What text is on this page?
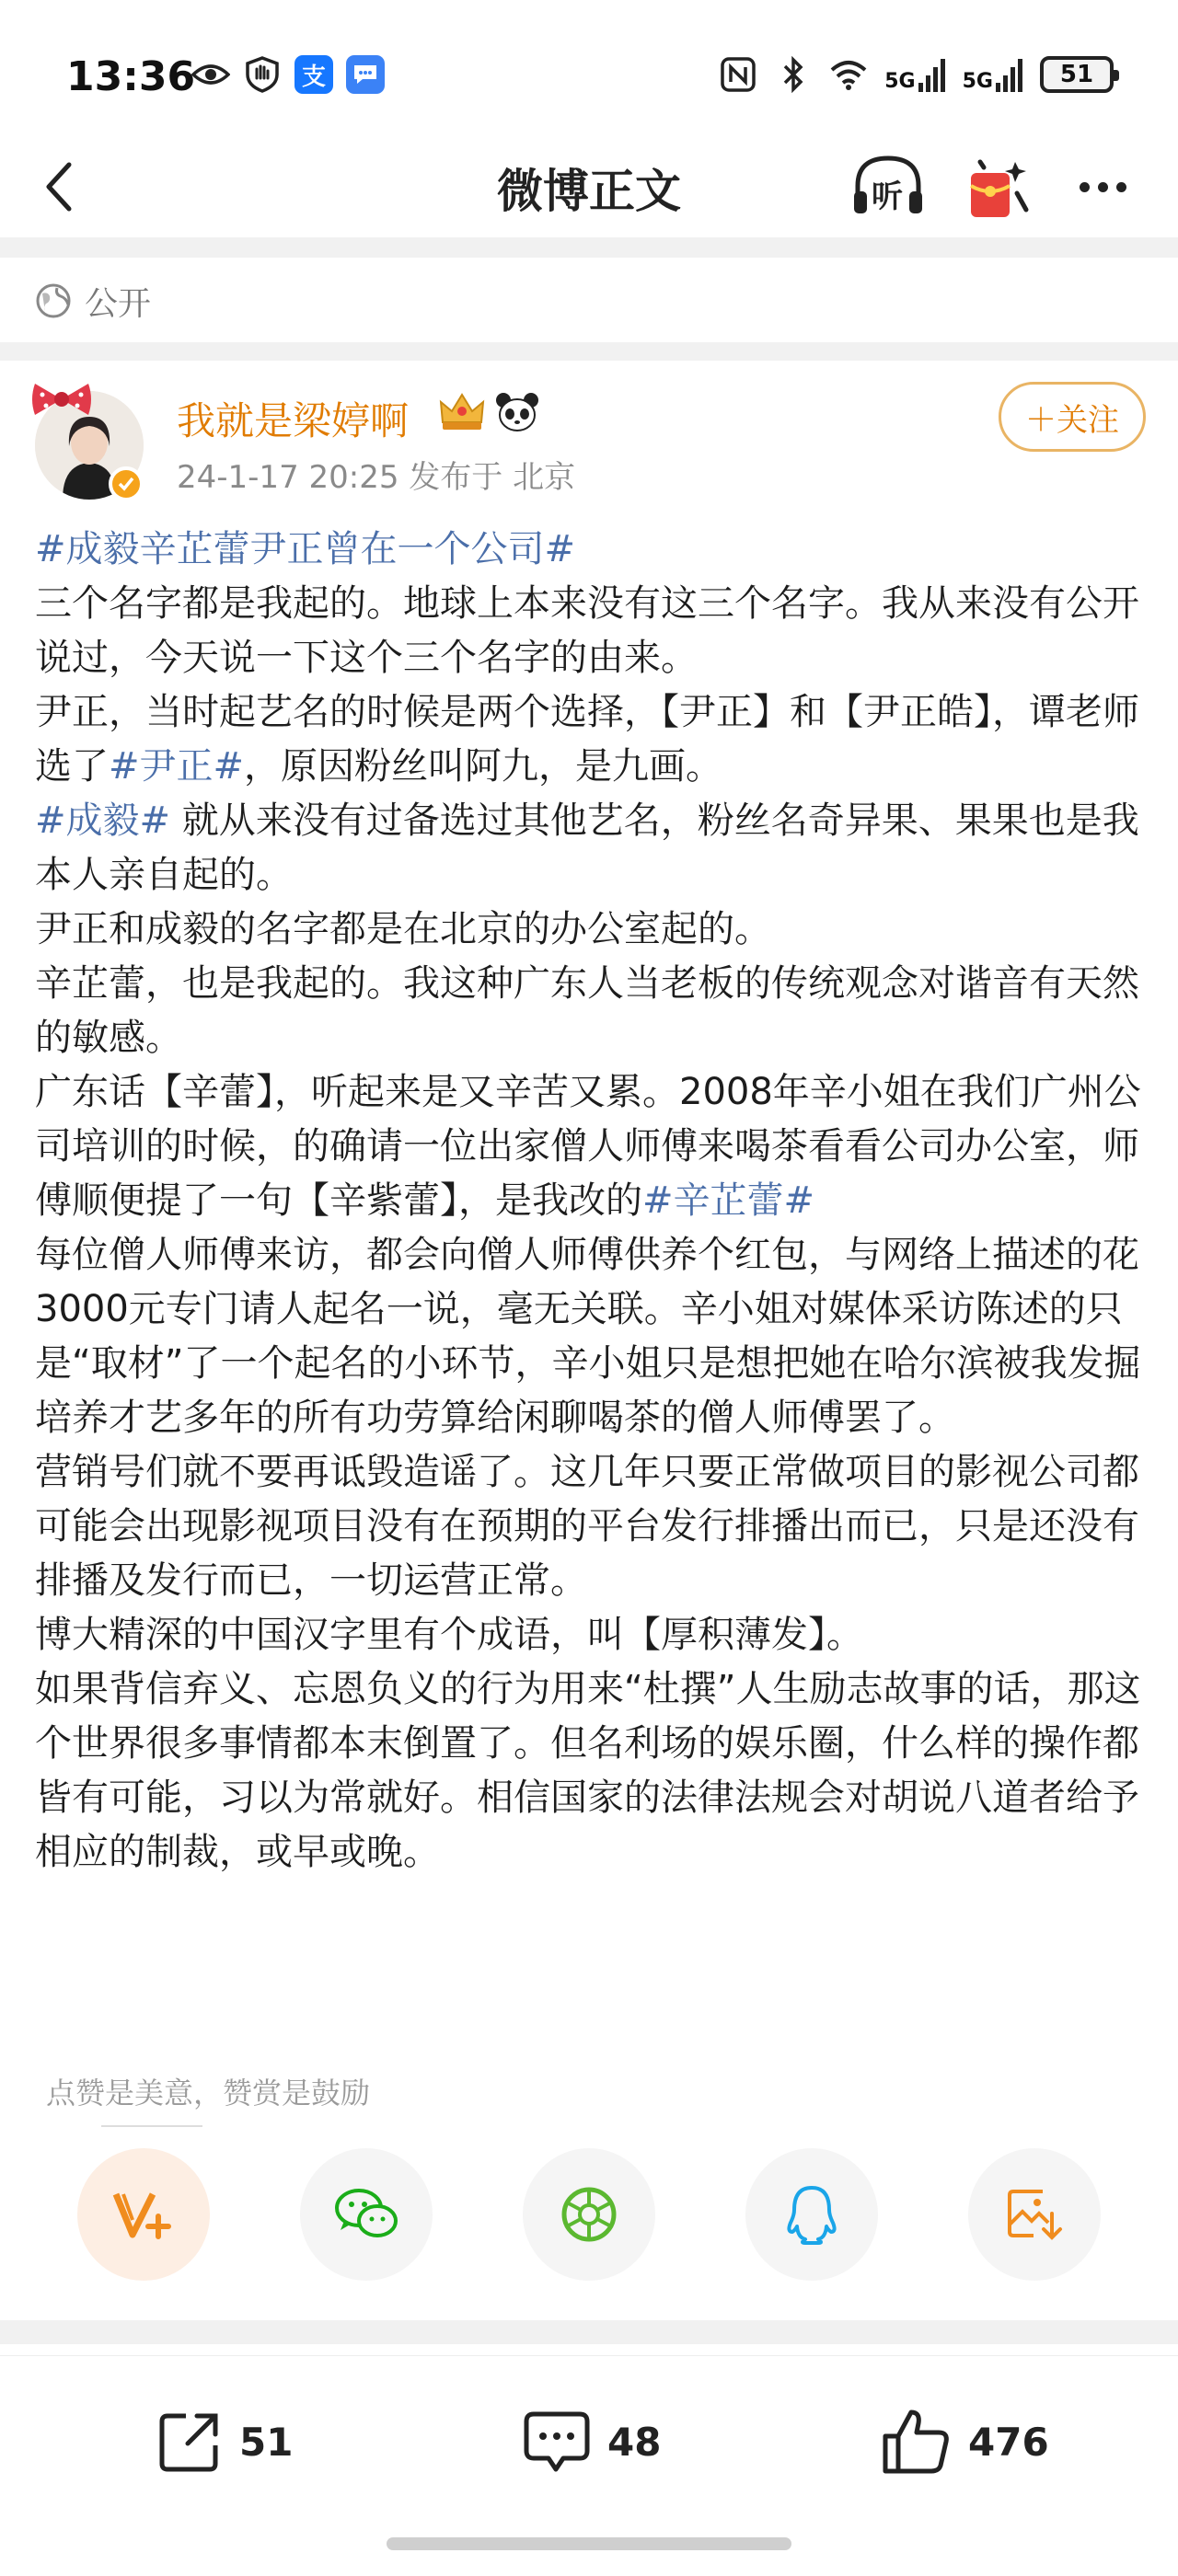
13:36	支	5G 5G	51
微博正文	听
公开
我就是梁婷啊
24-1-17 20:25 发布于 北京
＋关注

#成毅辛芷蕾尹正曾在一个公司#

三个名字都是我起的。地球上本来没有这三个名字。我从来没有公开说过，今天说一下这个三个名字的由来。

尹正，当时起艺名的时候是两个选择，【尹正】和【尹正皓】，谭老师选了#尹正#，原因粉丝叫阿九，是九画。

#成毅# 就从来没有过备选过其他艺名，粉丝名奇异果、果果也是我本人亲自起的。

尹正和成毅的名字都是在北京的办公室起的。

辛芷蕾，也是我起的。我这种广东人当老板的传统观念对谐音有天然的敏感。

广东话【辛蕾】，听起来是又辛苦又累。2008年辛小姐在我们广州公司培训的时候，的确请一位出家僧人师傅来喝茶看看公司办公室，师傅顺便提了一句【辛紫蕾】，是我改的#辛芷蕾#

每位僧人师傅来访，都会向僧人师傅供养个红包，与网络上描述的花3000元专门请人起名一说，毫无关联。辛小姐对媒体采访陈述的只是“取材”了一个起名的小环节，辛小姐只是想把她在哈尔滨被我发掘培养才艺多年的所有功劳算给闲聊喝茶的僧人师傅罢了。

营销号们就不要再诋毁造谣了。这几年只要正常做项目的影视公司都可能会出现影视项目没有在预期的平台发行排播出而已，只是还没有排播及发行而已，一切运营正常。

博大精深的中国汉字里有个成语，叫【厚积薄发】。

如果背信弃义、忘恩负义的行为用来“杜撰”人生励志故事的话，那这个世界很多事情都本末倒置了。但名利场的娱乐圈，什么样的操作都皆有可能，习以为常就好。相信国家的法律法规会对胡说八道者给予相应的制裁，或早或晚。

点赞是美意，赞赏是鼓励
51	48	476
